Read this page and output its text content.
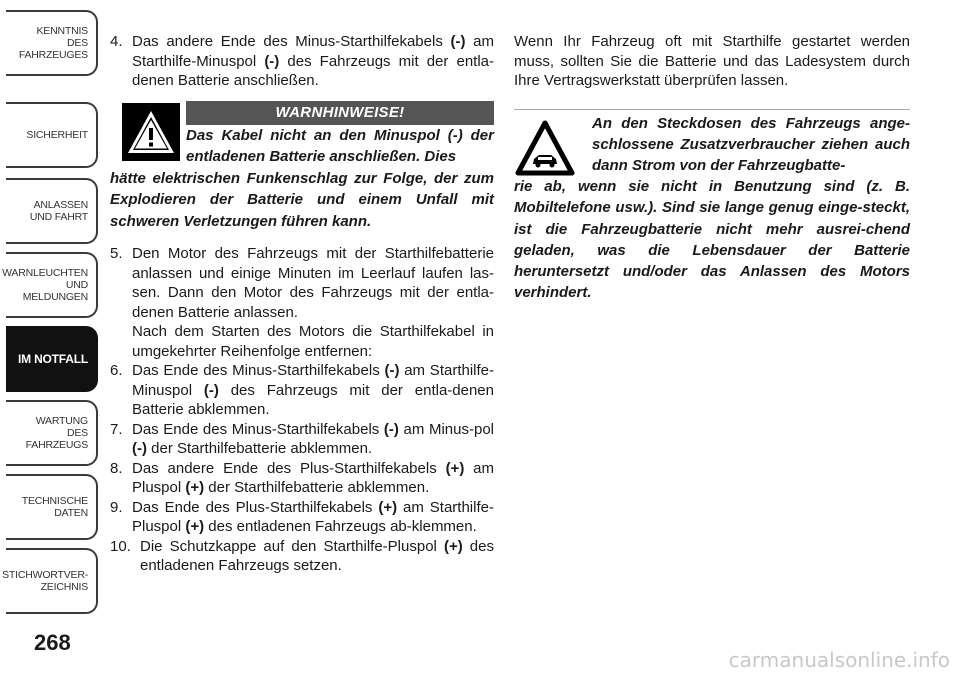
KENNTNIS
DES
FAHRZEUGES
SICHERHEIT
ANLASSEN
UND FAHRT
WARNLEUCHTEN
UND
MELDUNGEN
IM NOTFALL
WARTUNG
DES
FAHRZEUGS
TECHNISCHE
DATEN
STICHWORTVER-
ZEICHNIS
268
4. Das andere Ende des Minus-Starthilfekabels (-) am Starthilfe-Minuspol (-) des Fahrzeugs mit der entla-denen Batterie anschließen.
WARNHINWEISE!
Das Kabel nicht an den Minuspol (-) der entladenen Batterie anschließen. Dies
hätte elektrischen Funkenschlag zur Folge, der zum Explodieren der Batterie und einem Unfall mit schweren Verletzungen führen kann.
5. Den Motor des Fahrzeugs mit der Starthilfebatterie anlassen und einige Minuten im Leerlauf laufen las-sen. Dann den Motor des Fahrzeugs mit der entla-denen Batterie anlassen.
Nach dem Starten des Motors die Starthilfekabel in umgekehrter Reihenfolge entfernen:
6. Das Ende des Minus-Starthilfekabels (-) am Starthilfe-Minuspol (-) des Fahrzeugs mit der entla-denen Batterie abklemmen.
7. Das Ende des Minus-Starthilfekabels (-) am Minus-pol (-) der Starthilfebatterie abklemmen.
8. Das andere Ende des Plus-Starthilfekabels (+) am Pluspol (+) der Starthilfebatterie abklemmen.
9. Das Ende des Plus-Starthilfekabels (+) am Starthilfe-Pluspol (+) des entladenen Fahrzeugs ab-klemmen.
10. Die Schutzkappe auf den Starthilfe-Pluspol (+) des entladenen Fahrzeugs setzen.
Wenn Ihr Fahrzeug oft mit Starthilfe gestartet werden muss, sollten Sie die Batterie und das Ladesystem durch Ihre Vertragswerkstatt überprüfen lassen.
An den Steckdosen des Fahrzeugs ange-schlossene Zusatzverbraucher ziehen auch dann Strom von der Fahrzeugbatte-
rie ab, wenn sie nicht in Benutzung sind (z. B. Mobiltelefone usw.). Sind sie lange genug einge-steckt, ist die Fahrzeugbatterie nicht mehr ausrei-chend geladen, was die Lebensdauer der Batterie heruntersetzt und/oder das Anlassen des Motors verhindert.
carmanualsonline.info
